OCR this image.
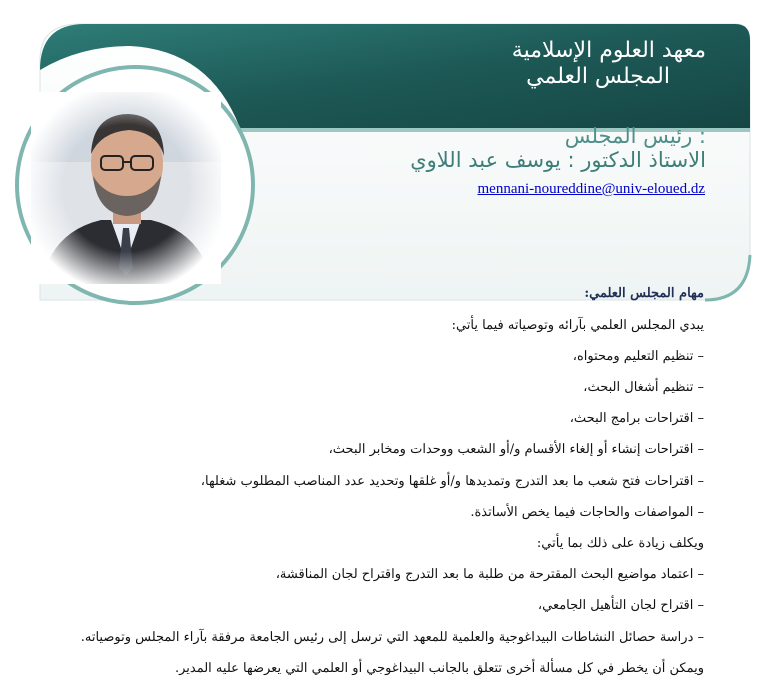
معهد العلوم الإسلامية
المجلس العلمي
رئيس المجلس :
الاستاذ الدكتور : يوسف عبد اللاوي
mennani-noureddine@univ-eloued.dz
مهام المجلس العلمي:
يبدي المجلس العلمي بآرائه وتوصياته فيما يأتي:
– تنظيم التعليم ومحتواه،
– تنظيم أشغال البحث،
– اقتراحات برامج البحث،
– اقتراحات إنشاء أو إلغاء الأقسام و/أو الشعب ووحدات ومخابر البحث،
– اقتراحات فتح شعب ما بعد التدرج وتمديدها و/أو غلقها وتحديد عدد المناصب المطلوب شغلها،
– المواصفات والحاجات فيما يخص الأساتذة.
ويكلف زيادة على ذلك بما يأتي:
– اعتماد مواضيع البحث المقترحة من طلبة ما بعد التدرج واقتراح لجان المناقشة،
– اقتراح لجان التأهيل الجامعي،
– دراسة حصائل النشاطات البيداغوجية والعلمية للمعهد التي ترسل إلى رئيس الجامعة مرفقة بآراء المجلس وتوصياته.
ويمكن أن يخطر في كل مسألة أخرى تتعلق بالجانب البيداغوجي أو العلمي التي يعرضها عليه المدير.
